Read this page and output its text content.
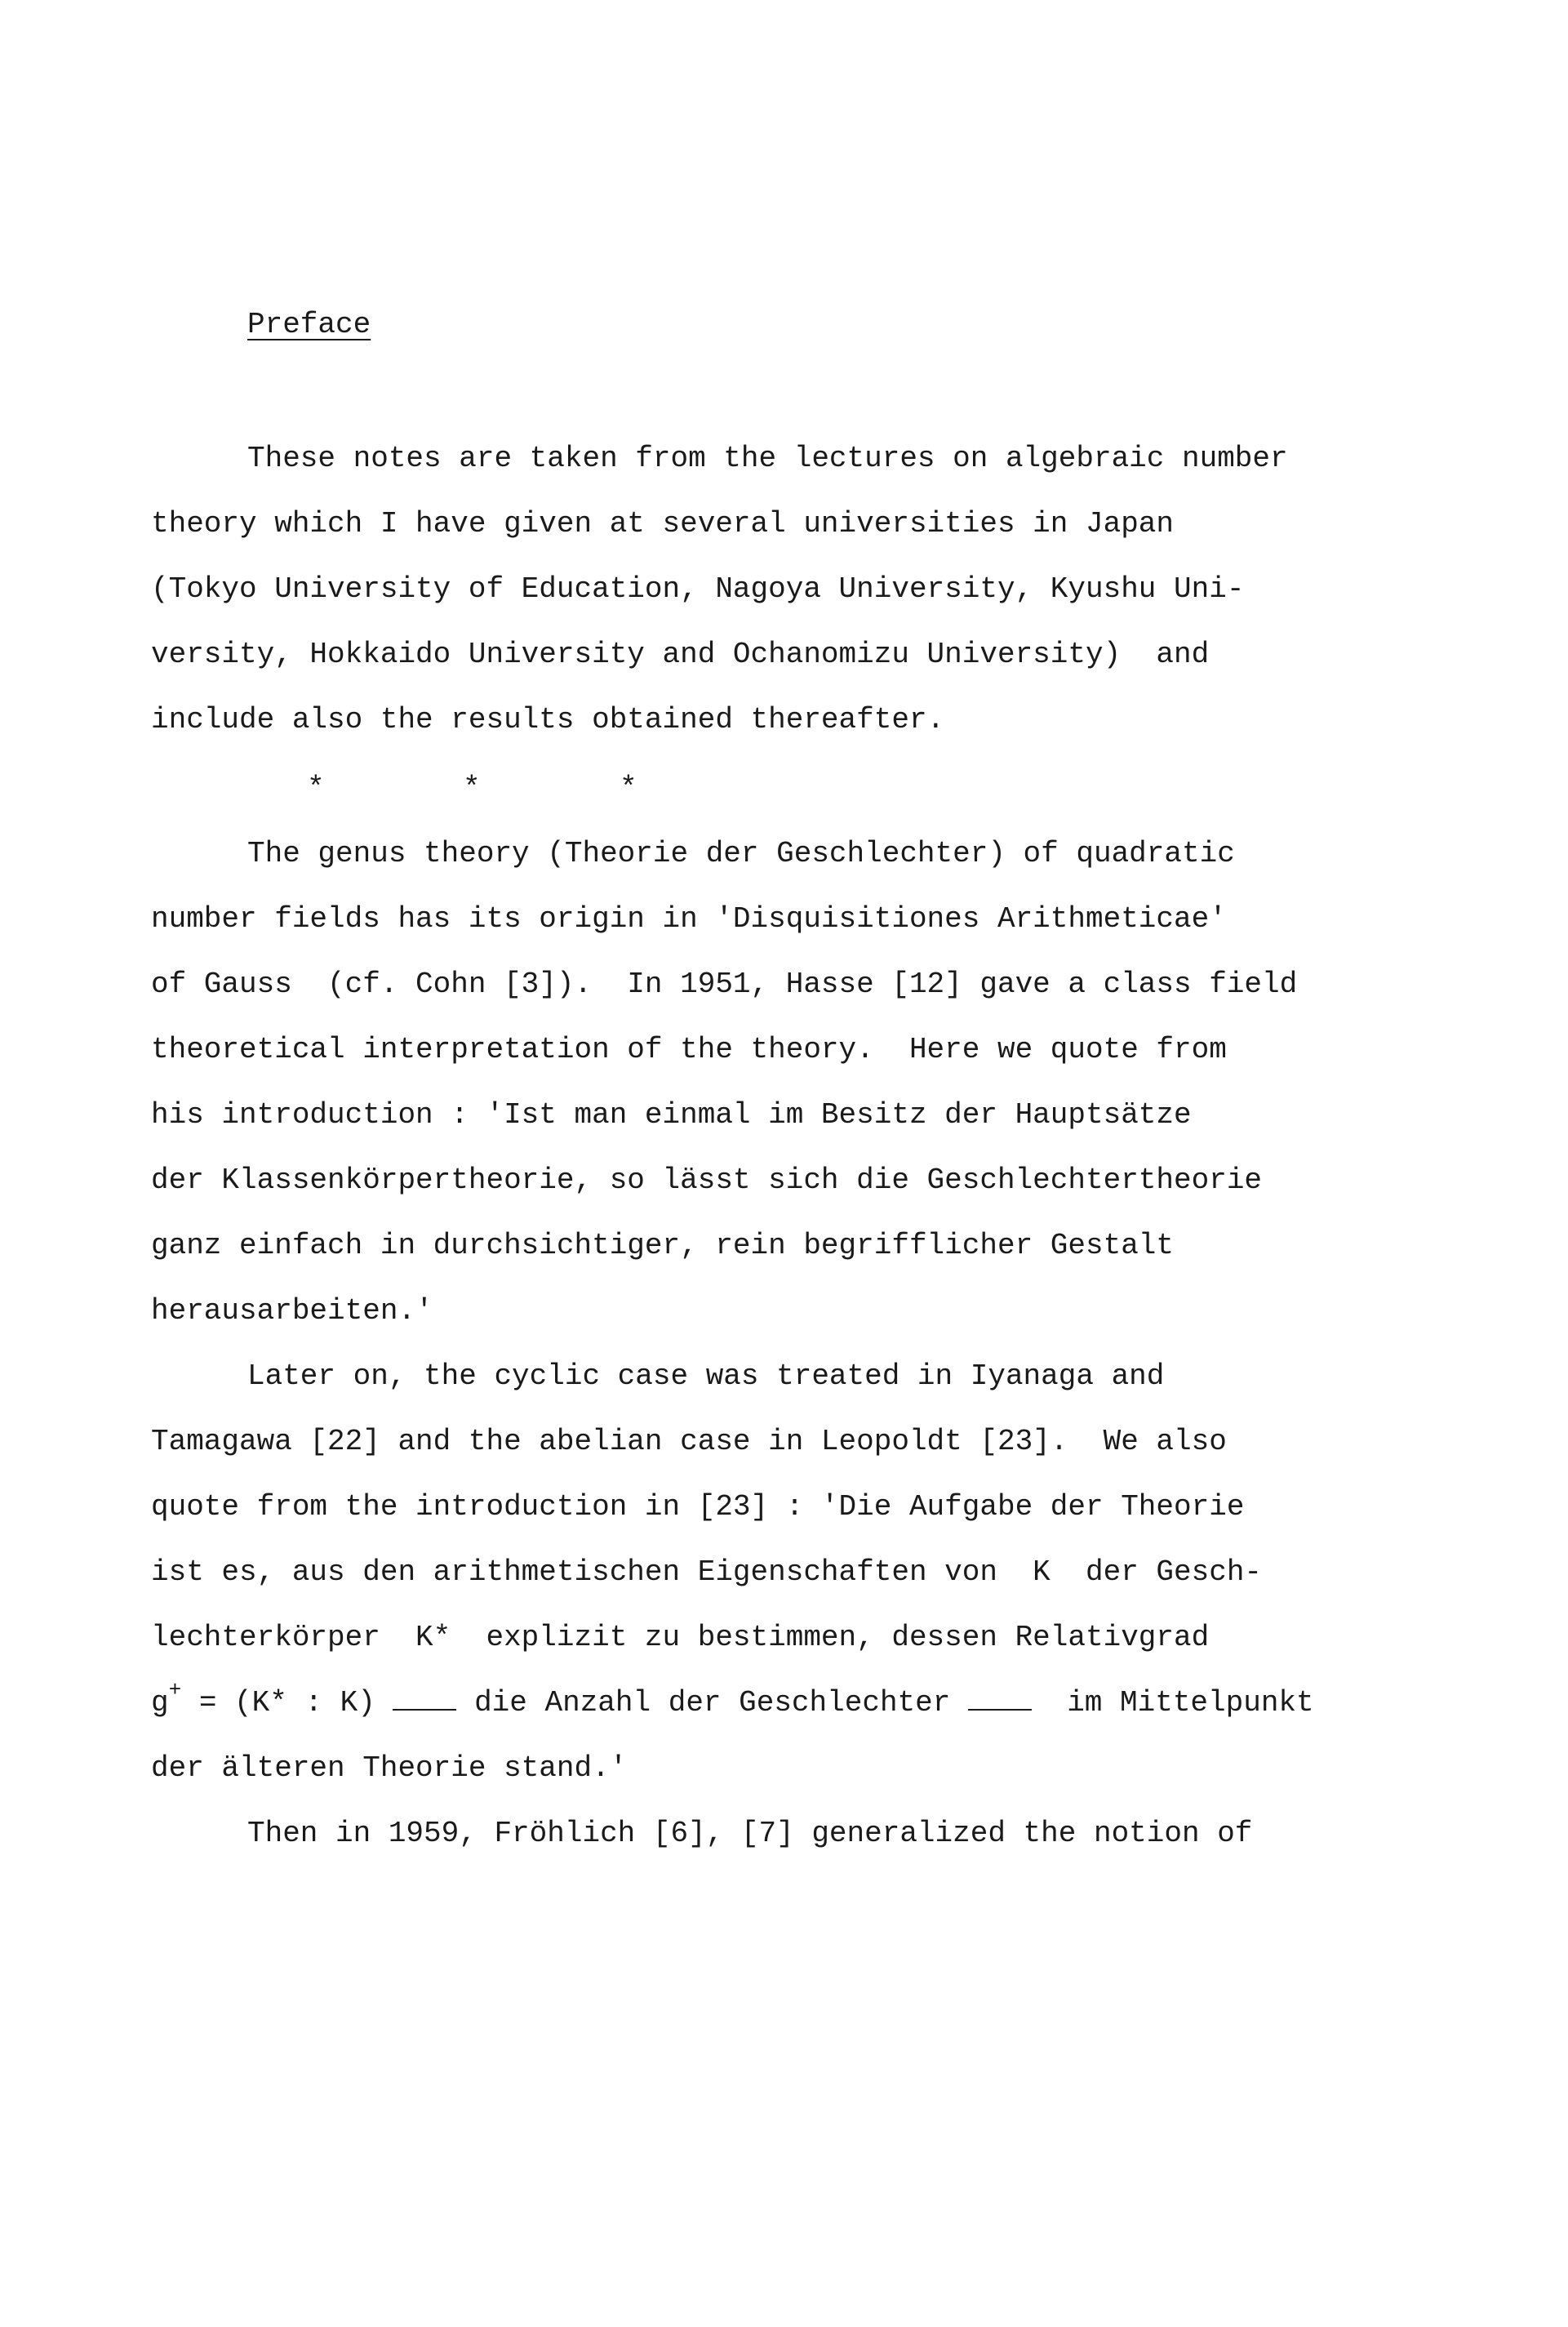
Preface
These notes are taken from the lectures on algebraic number
theory which I have given at several universities in Japan
(Tokyo University of Education, Nagoya University, Kyushu Uni-
versity, Hokkaido University and Ochanomizu University)  and
include also the results obtained thereafter.
*	*	*
The genus theory (Theorie der Geschlechter) of quadratic
number fields has its origin in 'Disquisitiones Arithmeticae'
of Gauss  (cf. Cohn [3]).  In 1951, Hasse [12] gave a class field
theoretical interpretation of the theory.  Here we quote from
his introduction : 'Ist man einmal im Besitz der Hauptsätze
der Klassenkörpertheorie, so lässt sich die Geschlechtertheorie
ganz einfach in durchsichtiger, rein begrifflicher Gestalt
herausarbeiten.'
Later on, the cyclic case was treated in Iyanaga and
Tamagawa [22] and the abelian case in Leopoldt [23].  We also
quote from the introduction in [23] : 'Die Aufgabe der Theorie
ist es, aus den arithmetischen Eigenschaften von  K  der Gesch-
lechterkörper  K*  explizit zu bestimmen, dessen Relativgrad
g+ = (K* : K)  die Anzahl der Geschlechter   im Mittelpunkt
der älteren Theorie stand.'
Then in 1959, Fröhlich [6], [7] generalized the notion of
